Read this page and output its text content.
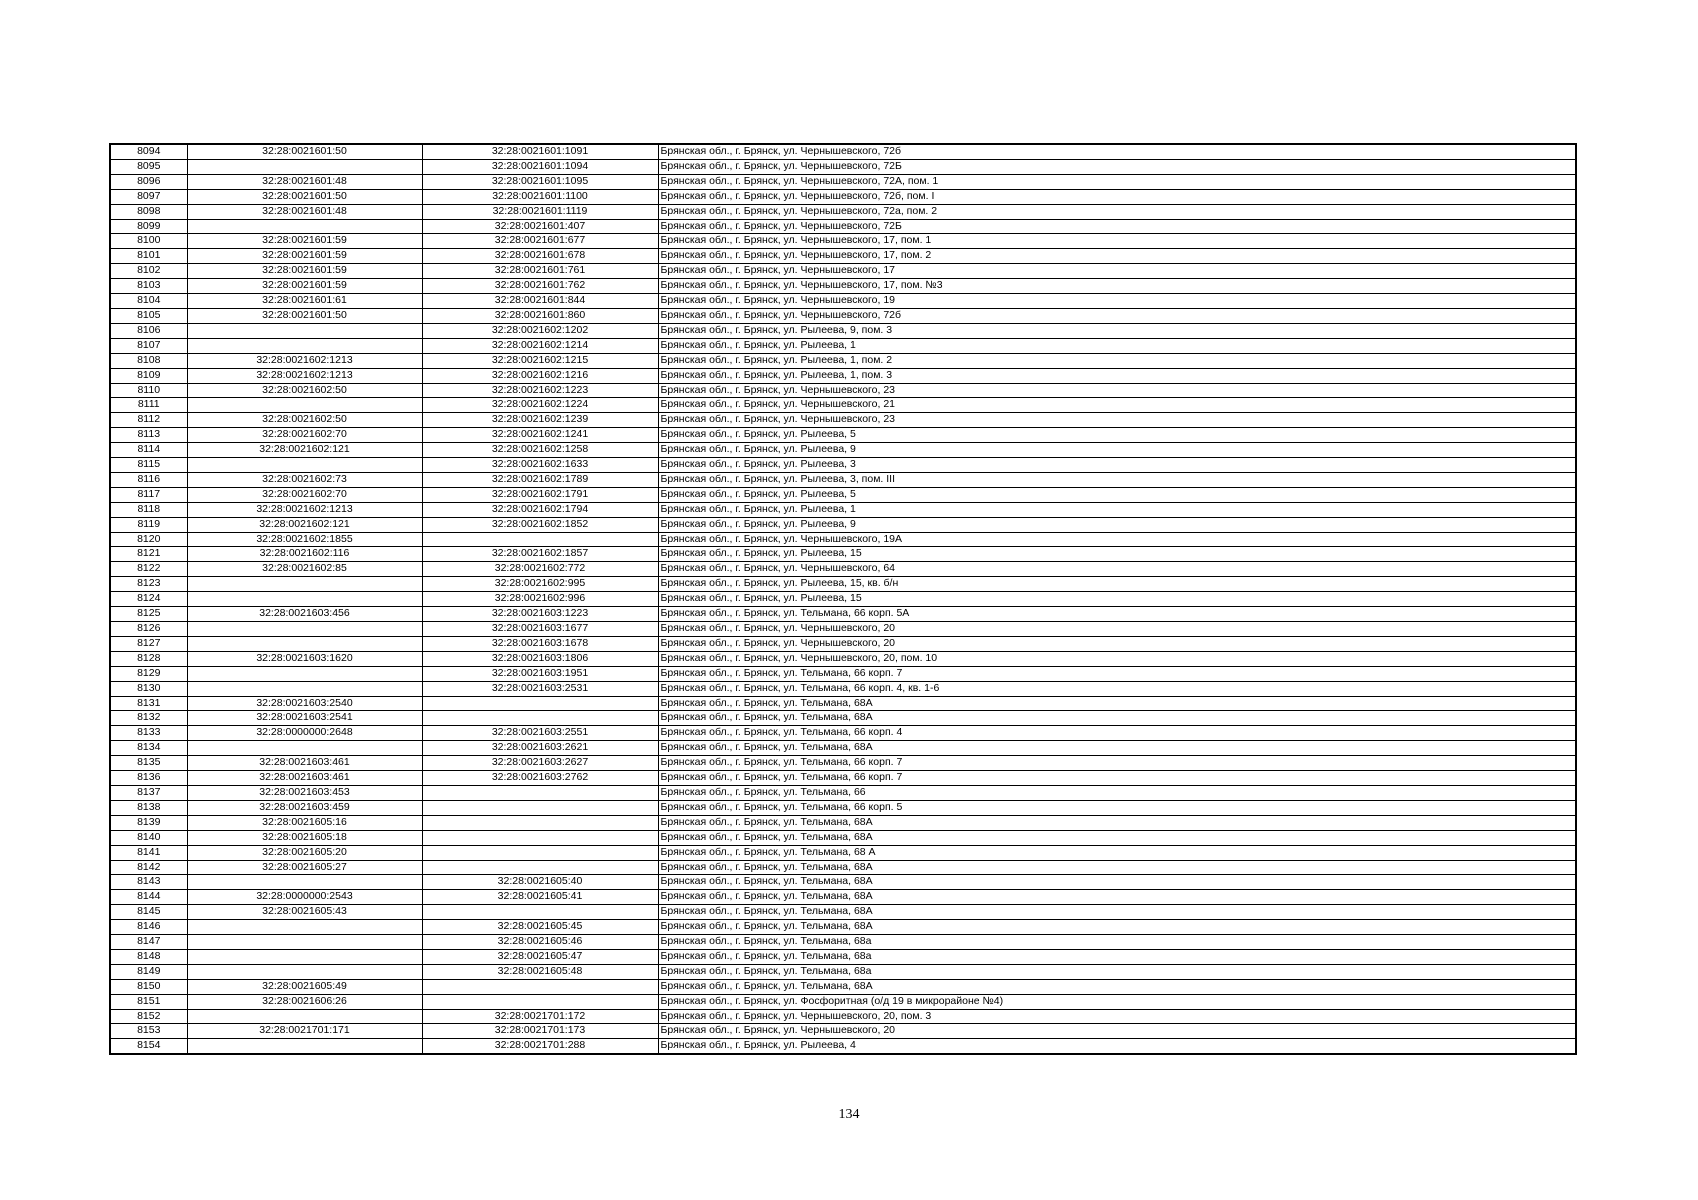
8094	32:28:0021601:50	32:28:0021601:1091	Брянская обл., г. Брянск, ул. Чернышевского, 72б
8095		32:28:0021601:1094	Брянская обл., г. Брянск, ул. Чернышевского, 72Б
8096	32:28:0021601:48	32:28:0021601:1095	Брянская обл., г. Брянск, ул. Чернышевского, 72А, пом. 1
8097	32:28:0021601:50	32:28:0021601:1100	Брянская обл., г. Брянск, ул. Чернышевского, 72б, пом. I
8098	32:28:0021601:48	32:28:0021601:1119	Брянская обл., г. Брянск, ул. Чернышевского, 72а, пом. 2
8099		32:28:0021601:407	Брянская обл., г. Брянск, ул. Чернышевского, 72Б
8100	32:28:0021601:59	32:28:0021601:677	Брянская обл., г. Брянск, ул. Чернышевского, 17, пом. 1
8101	32:28:0021601:59	32:28:0021601:678	Брянская обл., г. Брянск, ул. Чернышевского, 17, пом. 2
8102	32:28:0021601:59	32:28:0021601:761	Брянская обл., г. Брянск, ул. Чернышевского, 17
8103	32:28:0021601:59	32:28:0021601:762	Брянская обл., г. Брянск, ул. Чернышевского, 17, пом. №3
8104	32:28:0021601:61	32:28:0021601:844	Брянская обл., г. Брянск, ул. Чернышевского, 19
8105	32:28:0021601:50	32:28:0021601:860	Брянская обл., г. Брянск, ул. Чернышевского, 72б
8106		32:28:0021602:1202	Брянская обл., г. Брянск, ул. Рылеева, 9, пом. 3
8107		32:28:0021602:1214	Брянская обл., г. Брянск, ул. Рылеева, 1
8108	32:28:0021602:1213	32:28:0021602:1215	Брянская обл., г. Брянск, ул. Рылеева, 1, пом. 2
8109	32:28:0021602:1213	32:28:0021602:1216	Брянская обл., г. Брянск, ул. Рылеева, 1, пом. 3
8110	32:28:0021602:50	32:28:0021602:1223	Брянская обл., г. Брянск, ул. Чернышевского, 23
8111		32:28:0021602:1224	Брянская обл., г. Брянск, ул. Чернышевского, 21
8112	32:28:0021602:50	32:28:0021602:1239	Брянская обл., г. Брянск, ул. Чернышевского, 23
8113	32:28:0021602:70	32:28:0021602:1241	Брянская обл., г. Брянск, ул. Рылеева, 5
8114	32:28:0021602:121	32:28:0021602:1258	Брянская обл., г. Брянск, ул. Рылеева, 9
8115		32:28:0021602:1633	Брянская обл., г. Брянск, ул. Рылеева, 3
8116	32:28:0021602:73	32:28:0021602:1789	Брянская обл., г. Брянск, ул. Рылеева, 3, пом. III
8117	32:28:0021602:70	32:28:0021602:1791	Брянская обл., г. Брянск, ул. Рылеева, 5
8118	32:28:0021602:1213	32:28:0021602:1794	Брянская обл., г. Брянск, ул. Рылеева, 1
8119	32:28:0021602:121	32:28:0021602:1852	Брянская обл., г. Брянск, ул. Рылеева, 9
8120	32:28:0021602:1855		Брянская обл., г. Брянск, ул. Чернышевского, 19А
8121	32:28:0021602:116	32:28:0021602:1857	Брянская обл., г. Брянск, ул. Рылеева, 15
8122	32:28:0021602:85	32:28:0021602:772	Брянская обл., г. Брянск, ул. Чернышевского, 64
8123		32:28:0021602:995	Брянская обл., г. Брянск, ул. Рылеева, 15, кв. б/н
8124		32:28:0021602:996	Брянская обл., г. Брянск, ул. Рылеева, 15
8125	32:28:0021603:456	32:28:0021603:1223	Брянская обл., г. Брянск, ул. Тельмана, 66 корп. 5А
8126		32:28:0021603:1677	Брянская обл., г. Брянск, ул. Чернышевского, 20
8127		32:28:0021603:1678	Брянская обл., г. Брянск, ул. Чернышевского, 20
8128	32:28:0021603:1620	32:28:0021603:1806	Брянская обл., г. Брянск, ул. Чернышевского, 20, пом. 10
8129		32:28:0021603:1951	Брянская обл., г. Брянск, ул. Тельмана, 66 корп. 7
8130		32:28:0021603:2531	Брянская обл., г. Брянск, ул. Тельмана, 66 корп. 4, кв. 1-6
8131	32:28:0021603:2540		Брянская обл., г. Брянск, ул. Тельмана, 68А
8132	32:28:0021603:2541		Брянская обл., г. Брянск, ул. Тельмана, 68А
8133	32:28:0000000:2648	32:28:0021603:2551	Брянская обл., г. Брянск, ул. Тельмана, 66 корп. 4
8134		32:28:0021603:2621	Брянская обл., г. Брянск, ул. Тельмана, 68А
8135	32:28:0021603:461	32:28:0021603:2627	Брянская обл., г. Брянск, ул. Тельмана, 66 корп. 7
8136	32:28:0021603:461	32:28:0021603:2762	Брянская обл., г. Брянск, ул. Тельмана, 66 корп. 7
8137	32:28:0021603:453		Брянская обл., г. Брянск, ул. Тельмана, 66
8138	32:28:0021603:459		Брянская обл., г. Брянск, ул. Тельмана, 66 корп. 5
8139	32:28:0021605:16		Брянская обл., г. Брянск, ул. Тельмана, 68А
8140	32:28:0021605:18		Брянская обл., г. Брянск, ул. Тельмана, 68А
8141	32:28:0021605:20		Брянская обл., г. Брянск, ул. Тельмана, 68 А
8142	32:28:0021605:27		Брянская обл., г. Брянск, ул. Тельмана, 68А
8143		32:28:0021605:40	Брянская обл., г. Брянск, ул. Тельмана, 68А
8144	32:28:0000000:2543	32:28:0021605:41	Брянская обл., г. Брянск, ул. Тельмана, 68А
8145	32:28:0021605:43		Брянская обл., г. Брянск, ул. Тельмана, 68А
8146		32:28:0021605:45	Брянская обл., г. Брянск, ул. Тельмана, 68А
8147		32:28:0021605:46	Брянская обл., г. Брянск, ул. Тельмана, 68а
8148		32:28:0021605:47	Брянская обл., г. Брянск, ул. Тельмана, 68а
8149		32:28:0021605:48	Брянская обл., г. Брянск, ул. Тельмана, 68а
8150	32:28:0021605:49		Брянская обл., г. Брянск, ул. Тельмана, 68А
8151	32:28:0021606:26		Брянская обл., г. Брянск, ул. Фосфоритная (о/д 19 в микрорайоне №4)
8152		32:28:0021701:172	Брянская обл., г. Брянск, ул. Чернышевского, 20, пом. 3
8153	32:28:0021701:171	32:28:0021701:173	Брянская обл., г. Брянск, ул. Чернышевского, 20
8154		32:28:0021701:288	Брянская обл., г. Брянск, ул. Рылеева, 4
134
